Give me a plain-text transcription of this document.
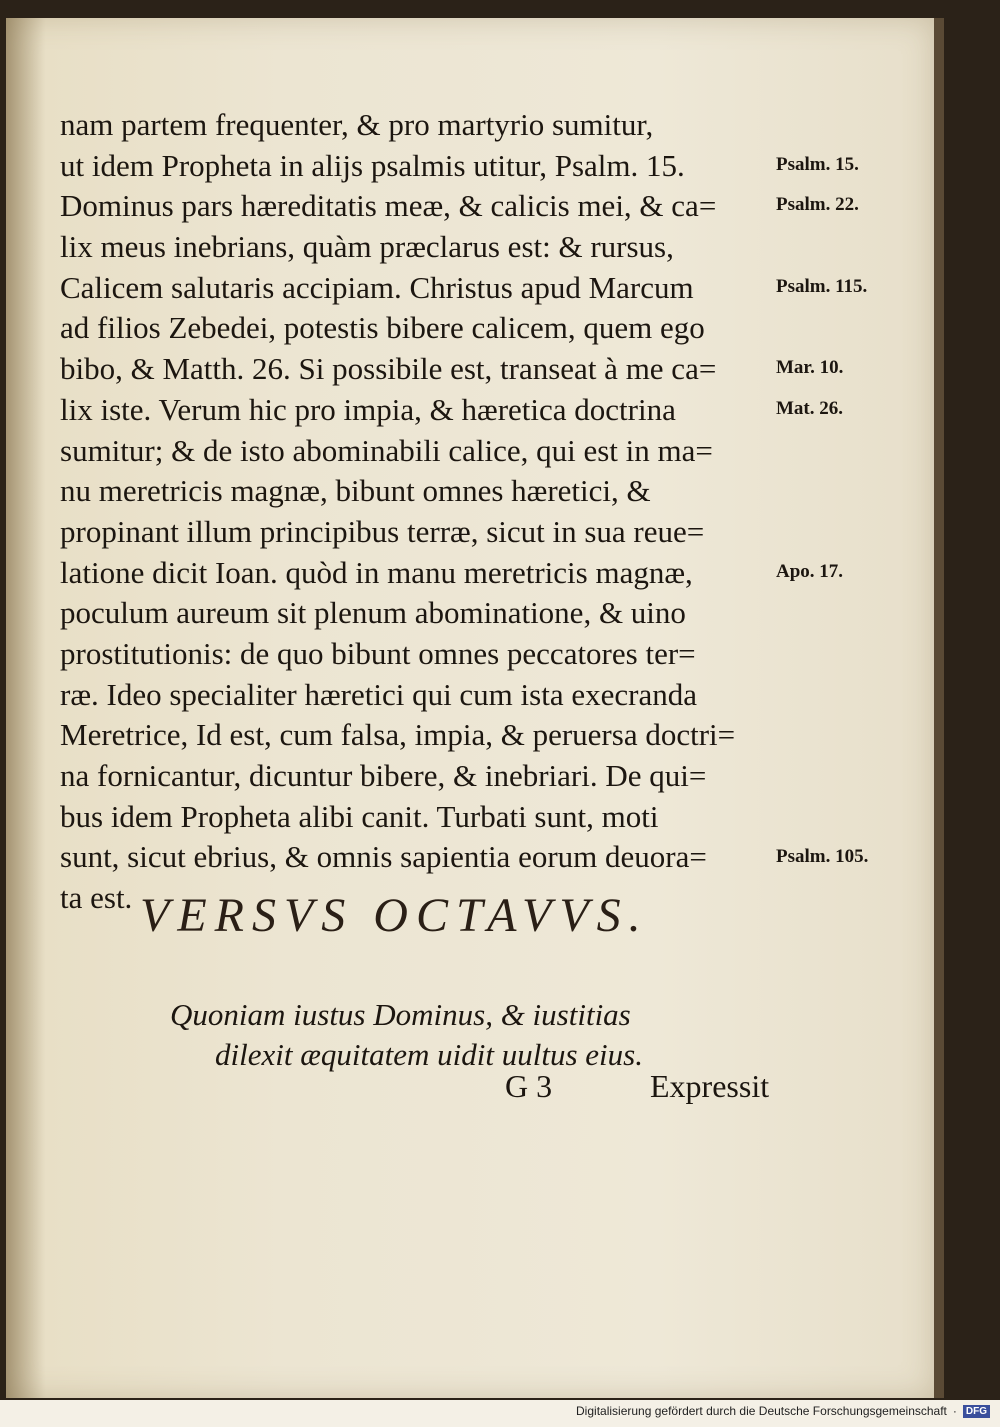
nam partem frequenter, & pro martyrio sumitur,
ut idem Propheta in alijs psalmis utitur, Psalm. 15.
Dominus pars hæreditatis meæ, & calicis mei, & ca=
lix meus inebrians, quàm præclarus est: & rursus,
Calicem salutaris accipiam. Christus apud Marcum
ad filios Zebedei, potestis bibere calicem, quem ego
bibo, & Matth. 26. Si possibile est, transeat à me ca=
lix iste. Verum hic pro impia, & hæretica doctrina
sumitur; & de isto abominabili calice, qui est in ma=
nu meretricis magnæ, bibunt omnes hæretici, &
propinant illum principibus terræ, sicut in sua reue=
latione dicit Ioan. quòd in manu meretricis magnæ,
poculum aureum sit plenum abominatione, & uino
prostitutionis: de quo bibunt omnes peccatores ter=
ræ. Ideo specialiter hæretici qui cum ista execranda
Meretrice, Id est, cum falsa, impia, & peruersa doctri=
na fornicantur, dicuntur bibere, & inebriari. De qui=
bus idem Propheta alibi canit. Turbati sunt, moti
sunt, sicut ebrius, & omnis sapientia eorum deuora=
ta est.
Psalm. 15.
Psalm. 22.
Psalm. 115.
Mar. 10.
Mat. 26.
Apo. 17.
Psalm. 105.
VERSVS OCTAVVS.
Quoniam iustus Dominus, & iustitias
dilexit æquitatem uidit uultus eius.
G 3	Expressit
Digitalisierung gefördert durch die Deutsche Forschungsgemeinschaft · DFG
